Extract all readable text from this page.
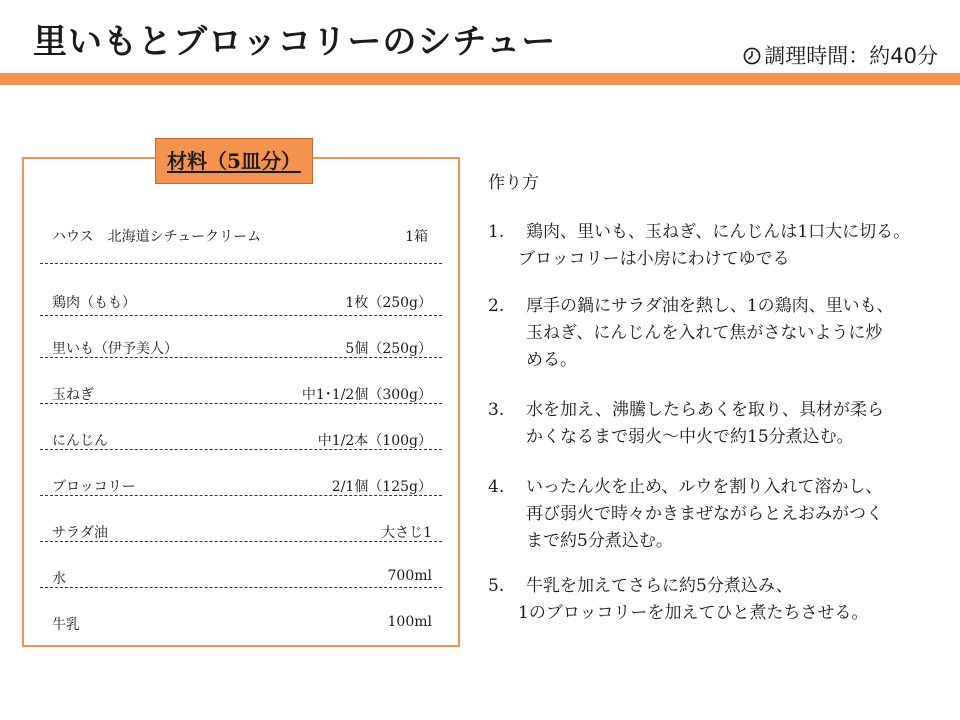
里いもとブロッコリーのシチュー	調理時間：約40分
材料（5皿分）
ハウス　北海道シチュークリーム	1箱
鶏肉（もも）	1枚（250g）
里いも（伊予美人）	5個（250g）
玉ねぎ	中1･1/2個（300g）
にんじん	中1/2本（100g）
ブロッコリー	2/1個（125g）
サラダ油	大さじ1
水	700ml
牛乳	100ml
作り方
1.	鶏肉、里いも、玉ねぎ、にんじんは1口大に切る。
ブロッコリーは小房にわけてゆでる
2.	厚手の鍋にサラダ油を熱し、1の鶏肉、里いも、
玉ねぎ、にんじんを入れて焦がさないように炒
める。
3.	水を加え、沸騰したらあくを取り、具材が柔ら
かくなるまで弱火～中火で約15分煮込む。
4.	いったん火を止め、ルウを割り入れて溶かし、
再び弱火で時々かきまぜながらとえおみがつく
まで約5分煮込む。
5.	牛乳を加えてさらに約5分煮込み、
1のブロッコリーを加えてひと煮たちさせる。
